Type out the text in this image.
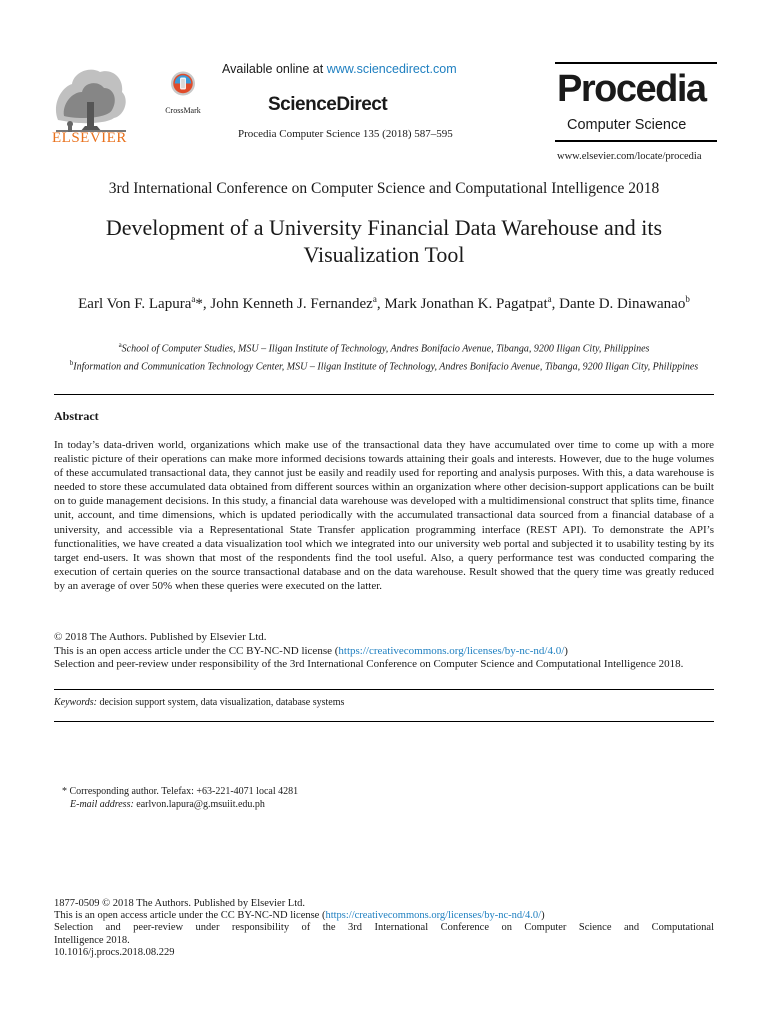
ELSEVIER
CrossMark
Available online at www.sciencedirect.com
ScienceDirect
Procedia Computer Science 135 (2018) 587–595
Procedia
Computer Science
www.elsevier.com/locate/procedia
3rd International Conference on Computer Science and Computational Intelligence 2018
Development of a University Financial Data Warehouse and its
Visualization Tool
Earl Von F. Lapura$^a$*, John Kenneth J. Fernandez$^a$, Mark Jonathan K. Pagatpat$^a$, Dante D. Dinawanao$^b$
$^a$School of Computer Studies, MSU – Iligan Institute of Technology, Andres Bonifacio Avenue, Tibanga, 9200 Iligan City, Philippines
$^b$Information and Communication Technology Center, MSU – Iligan Institute of Technology, Andres Bonifacio Avenue, Tibanga, 9200 Iligan City, Philippines
Abstract
In today’s data-driven world, organizations which make use of the transactional data they have accumulated over time to come up with a more realistic picture of their operations can make more informed decisions towards attaining their goals and interests. However, due to the huge volumes of these accumulated transactional data, they cannot just be easily and readily used for reporting and analysis purposes. With this, a data warehouse is needed to store these accumulated data obtained from different sources within an organization where other decision-support applications can be built on to guide management decisions. In this study, a financial data warehouse was developed with a multidimensional construct that splits time, finance unit, account, and time dimensions, which is updated periodically with the accumulated transactional data sourced from a financial database of a university, and accessible via a Representational State Transfer application programming interface (REST API). To demonstrate the API’s functionalities, we have created a data visualization tool which we integrated into our university web portal and subjected it to usability testing by its target end-users. It was shown that most of the respondents find the tool useful. Also, a query performance test was conducted comparing the execution of certain queries on the source transactional database and on the data warehouse. Result showed that the query time was greatly reduced by an average of over 50% when these queries were executed on the latter.
© 2018 The Authors. Published by Elsevier Ltd.
This is an open access article under the CC BY-NC-ND license (https://creativecommons.org/licenses/by-nc-nd/4.0/)
Selection and peer-review under responsibility of the 3rd International Conference on Computer Science and Computational Intelligence 2018.
Keywords: decision support system, data visualization, database systems
* Corresponding author. Telefax: +63-221-4071 local 4281
E-mail address: earlvon.lapura@g.msuiit.edu.ph
1877-0509 © 2018 The Authors. Published by Elsevier Ltd.
This is an open access article under the CC BY-NC-ND license (https://creativecommons.org/licenses/by-nc-nd/4.0/)
Selection and peer-review under responsibility of the 3rd International Conference on Computer Science and Computational
Intelligence 2018.
10.1016/j.procs.2018.08.229
